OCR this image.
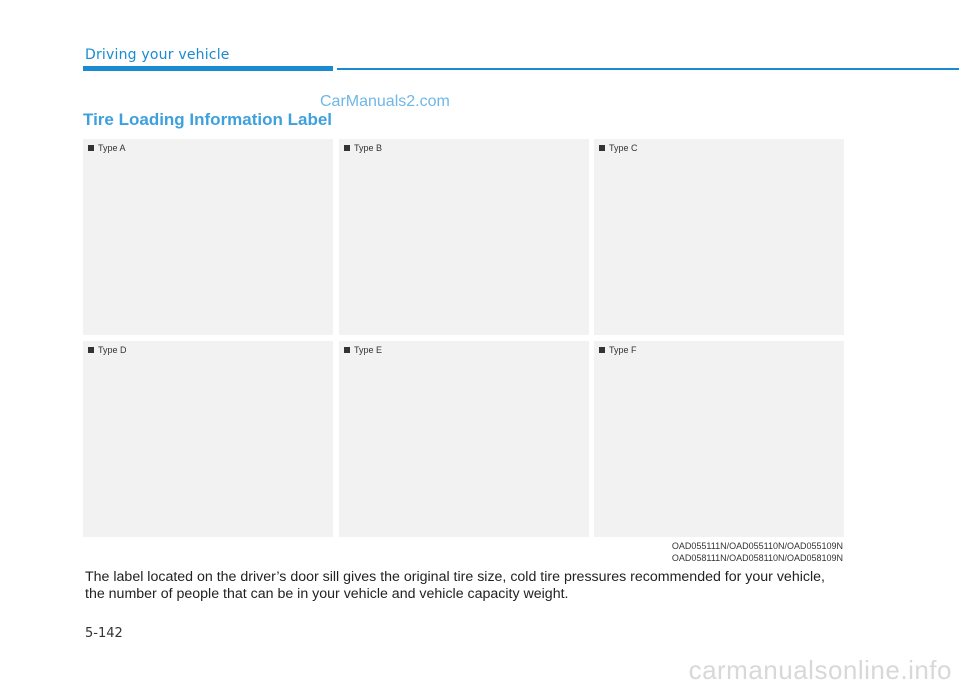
Driving your vehicle
CarManuals2.com
Tire Loading Information Label
Type A	Type B	Type C
Type D	Type E	Type F
OAD055111N/OAD055110N/OAD055109N
OAD058111N/OAD058110N/OAD058109N
The label located on the driver’s door sill gives the original tire size, cold tire pressures recommended for your vehicle, the number of people that can be in your vehicle and vehicle capacity weight.
5-142
carmanualsonline.info
